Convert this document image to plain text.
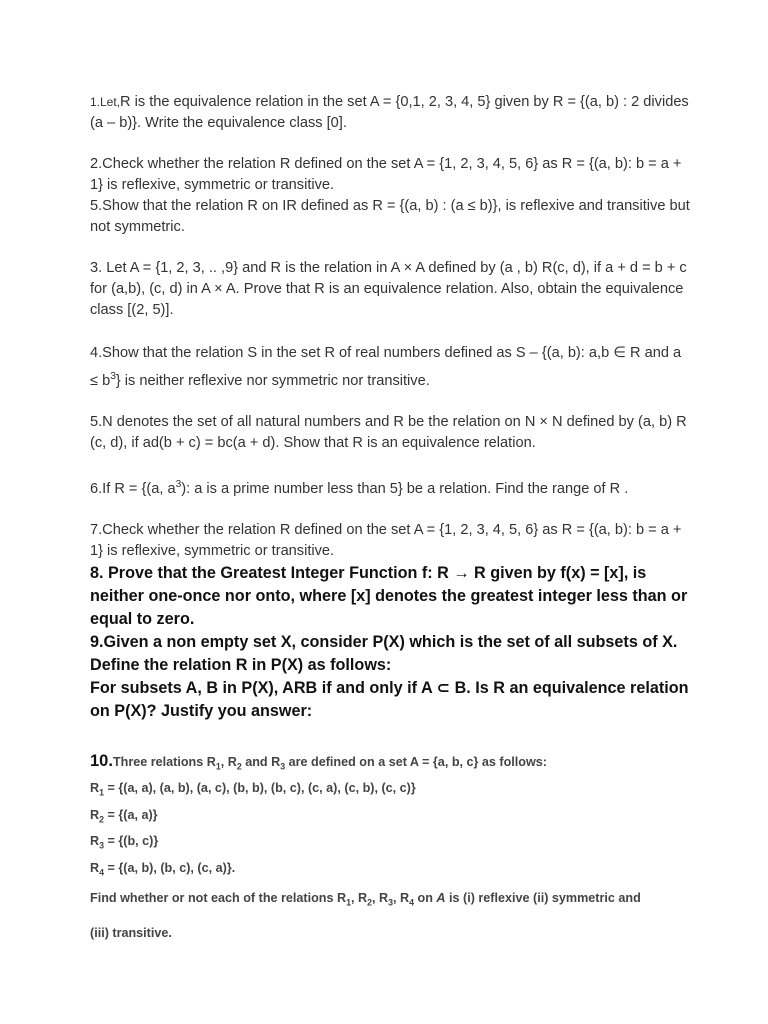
1.Let,R is the equivalence relation in the set A = {0,1, 2, 3, 4, 5} given by R = {(a, b) : 2 divides (a – b)}. Write the equivalence class [0].
2.Check whether the relation R defined on the set A = {1, 2, 3, 4, 5, 6} as R = {(a, b): b = a + 1} is reflexive, symmetric or transitive.
5.Show that the relation R on IR defined as R = {(a, b) : (a ≤ b)}, is reflexive and transitive but not symmetric.
3. Let A = {1, 2, 3, .. ,9} and R is the relation in A × A defined by (a , b) R(c, d), if a + d = b + c for (a,b), (c, d) in A × A. Prove that R is an equivalence relation. Also, obtain the equivalence class [(2, 5)].
4.Show that the relation S in the set R of real numbers defined as S – {(a, b): a,b ∈ R and $a \le b^3$} is neither reflexive nor symmetric nor transitive.
5.N denotes the set of all natural numbers and R be the relation on N × N defined by (a, b) R (c, d), if ad(b + c) = bc(a + d). Show that R is an equivalence relation.
6.If R = {(a, $a^3$): a is a prime number less than 5} be a relation. Find the range of R .
7.Check whether the relation R defined on the set A = {1, 2, 3, 4, 5, 6} as R = {(a, b): b = a + 1} is reflexive, symmetric or transitive.
8. Prove that the Greatest Integer Function f: R → R given by f(x) = [x], is neither one-once nor onto, where [x] denotes the greatest integer less than or equal to zero.
9.Given a non empty set X, consider P(X) which is the set of all subsets of X.
Define the relation R in P(X) as follows:
For subsets A, B in P(X), ARB if and only if A ⊂ B. Is R an equivalence relation on P(X)? Justify you answer:
10.Three relations $R_1$, $R_2$ and $R_3$ are defined on a set A = {a, b, c} as follows:
$R_1 = \{(a$, a), (a, b), (a, c), (b, b), (b, c), (c, a), (c, b), (c, c)}
$R_2 = \{(a$, a)}
$R_3 = \{(b$, c)}
$R_4 = \{(a$, b), (b, c), (c, a)}.
Find whether or not each of the relations $R_1$, $R_2$, $R_3$, $R_4$ on A is (i) reflexive (ii) symmetric and
(iii) transitive.
